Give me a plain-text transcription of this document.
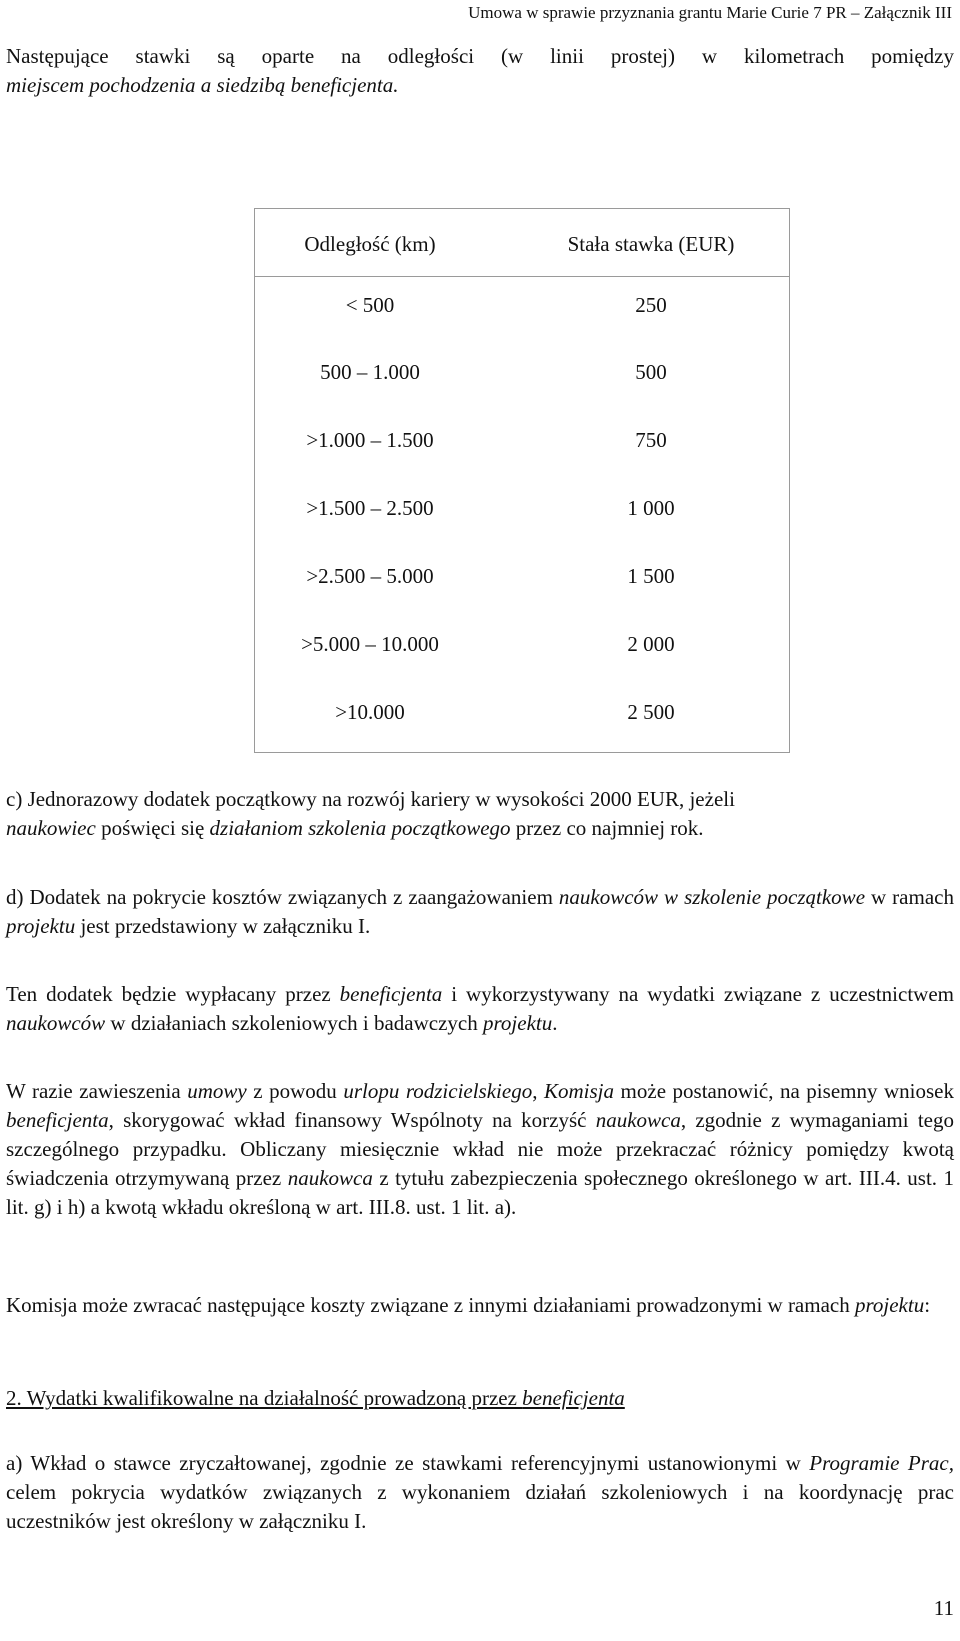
Umowa w sprawie przyznania grantu Marie Curie 7 PR – Załącznik III

Następujące stawki są oparte na odległości (w linii prostej) w kilometrach pomiędzy

miejscem pochodzenia a siedzibą beneficjenta.

Odległość (km)	Stała stawka (EUR)
< 500	250
500 – 1.000	500
>1.000 – 1.500	750
>1.500 – 2.500	1 000
>2.500 – 5.000	1 500
>5.000 – 10.000	2 000
>10.000	2 500

c) Jednorazowy dodatek początkowy na rozwój kariery w wysokości 2000 EUR, jeżeli
naukowiec poświęci się działaniom szkolenia początkowego przez co najmniej rok.

d) Dodatek na pokrycie kosztów związanych z zaangażowaniem naukowców w szkolenie początkowe w ramach projektu jest przedstawiony w załączniku I.

Ten dodatek będzie wypłacany przez beneficjenta i wykorzystywany na wydatki związane z uczestnictwem naukowców w działaniach szkoleniowych i badawczych projektu.

W razie zawieszenia umowy z powodu urlopu rodzicielskiego, Komisja może postanowić, na pisemny wniosek beneficjenta, skorygować wkład finansowy Wspólnoty na korzyść naukowca, zgodnie z wymaganiami tego szczególnego przypadku. Obliczany miesięcznie wkład nie może przekraczać różnicy pomiędzy kwotą świadczenia otrzymywaną przez naukowca z tytułu zabezpieczenia społecznego określonego w art. III.4. ust. 1 lit. g) i h) a kwotą wkładu określoną w art. III.8. ust. 1 lit. a).

Komisja może zwracać następujące koszty związane z innymi działaniami prowadzonymi w ramach projektu:

2. Wydatki kwalifikowalne na działalność prowadzoną przez beneficjenta

a) Wkład o stawce zryczałtowanej, zgodnie ze stawkami referencyjnymi ustanowionymi w Programie Prac, celem pokrycia wydatków związanych z wykonaniem działań szkoleniowych i na koordynację prac uczestników jest określony w załączniku I.

11
